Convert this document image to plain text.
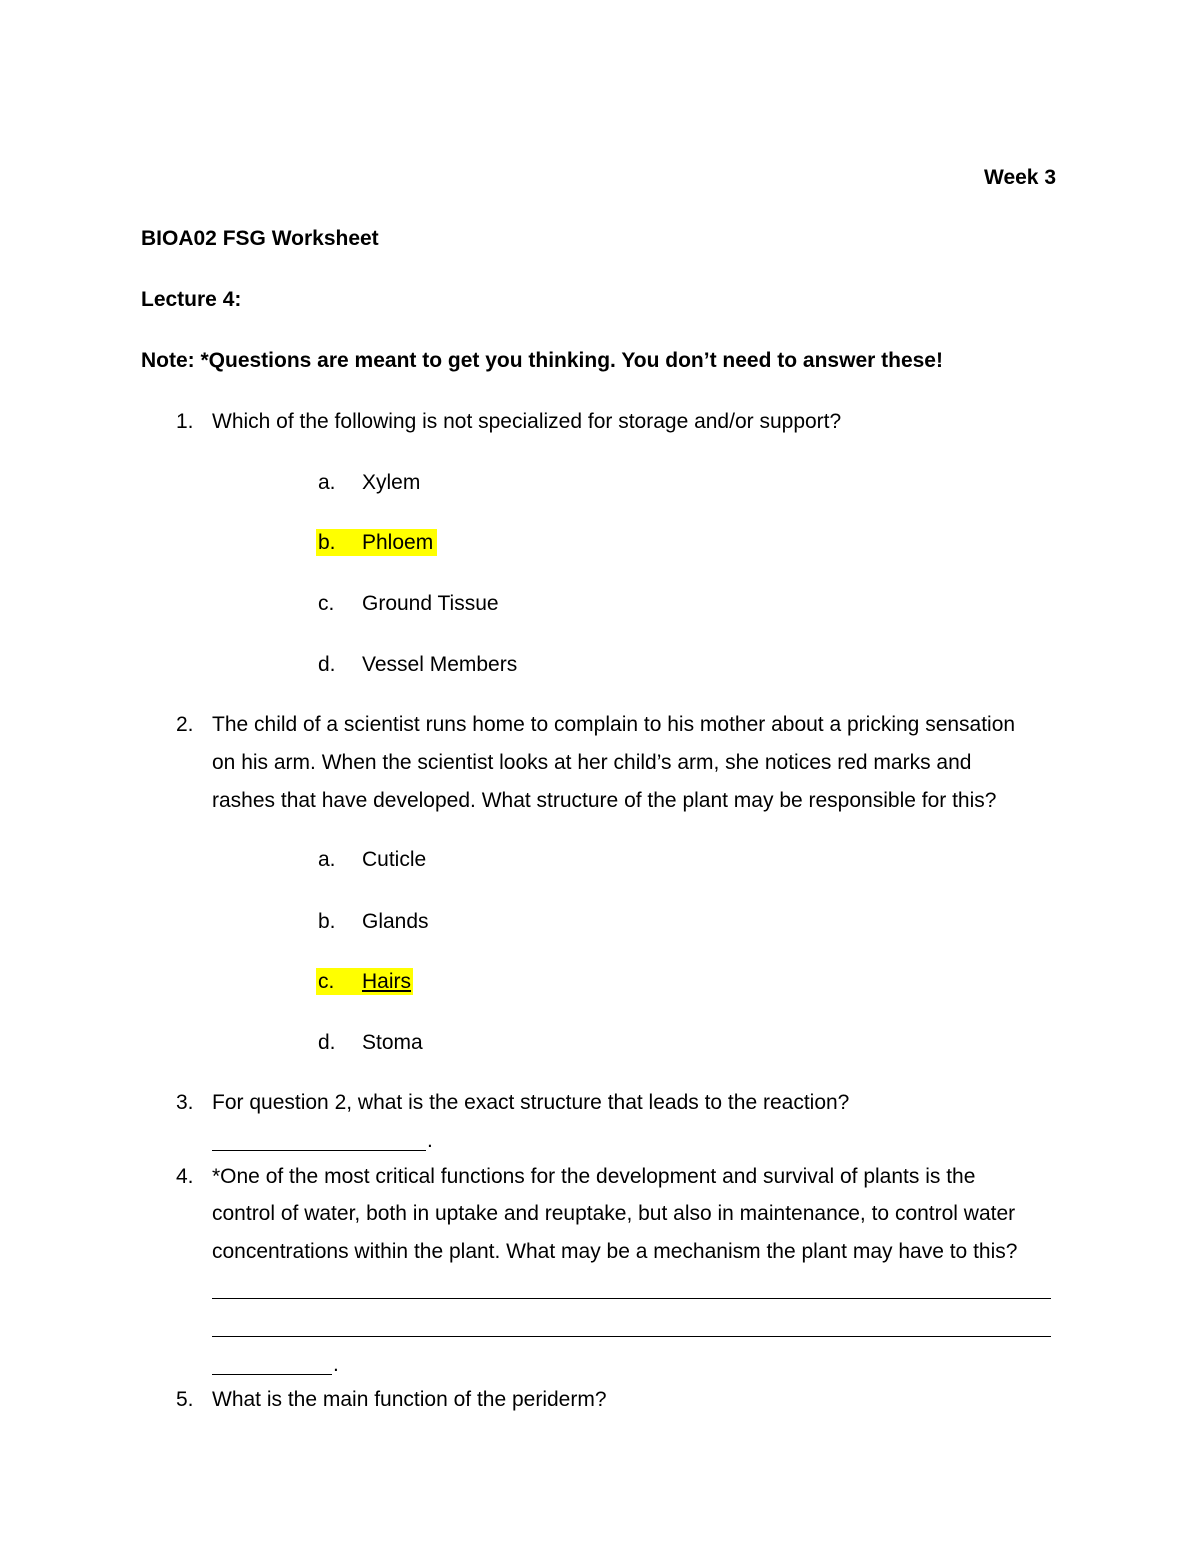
Week 3
BIOA02 FSG Worksheet
Lecture 4:
Note: *Questions are meant to get you thinking. You don’t need to answer these!
1. Which of the following is not specialized for storage and/or support?
a. Xylem
b. Phloem
c. Ground Tissue
d. Vessel Members
2. The child of a scientist runs home to complain to his mother about a pricking sensation
on his arm. When the scientist looks at her child’s arm, she notices red marks and
rashes that have developed. What structure of the plant may be responsible for this?
a. Cuticle
b. Glands
c. Hairs
d. Stoma
3. For question 2, what is the exact structure that leads to the reaction?
.
4. *One of the most critical functions for the development and survival of plants is the
control of water, both in uptake and reuptake, but also in maintenance, to control water
concentrations within the plant. What may be a mechanism the plant may have to this?
.
5. What is the main function of the periderm?
